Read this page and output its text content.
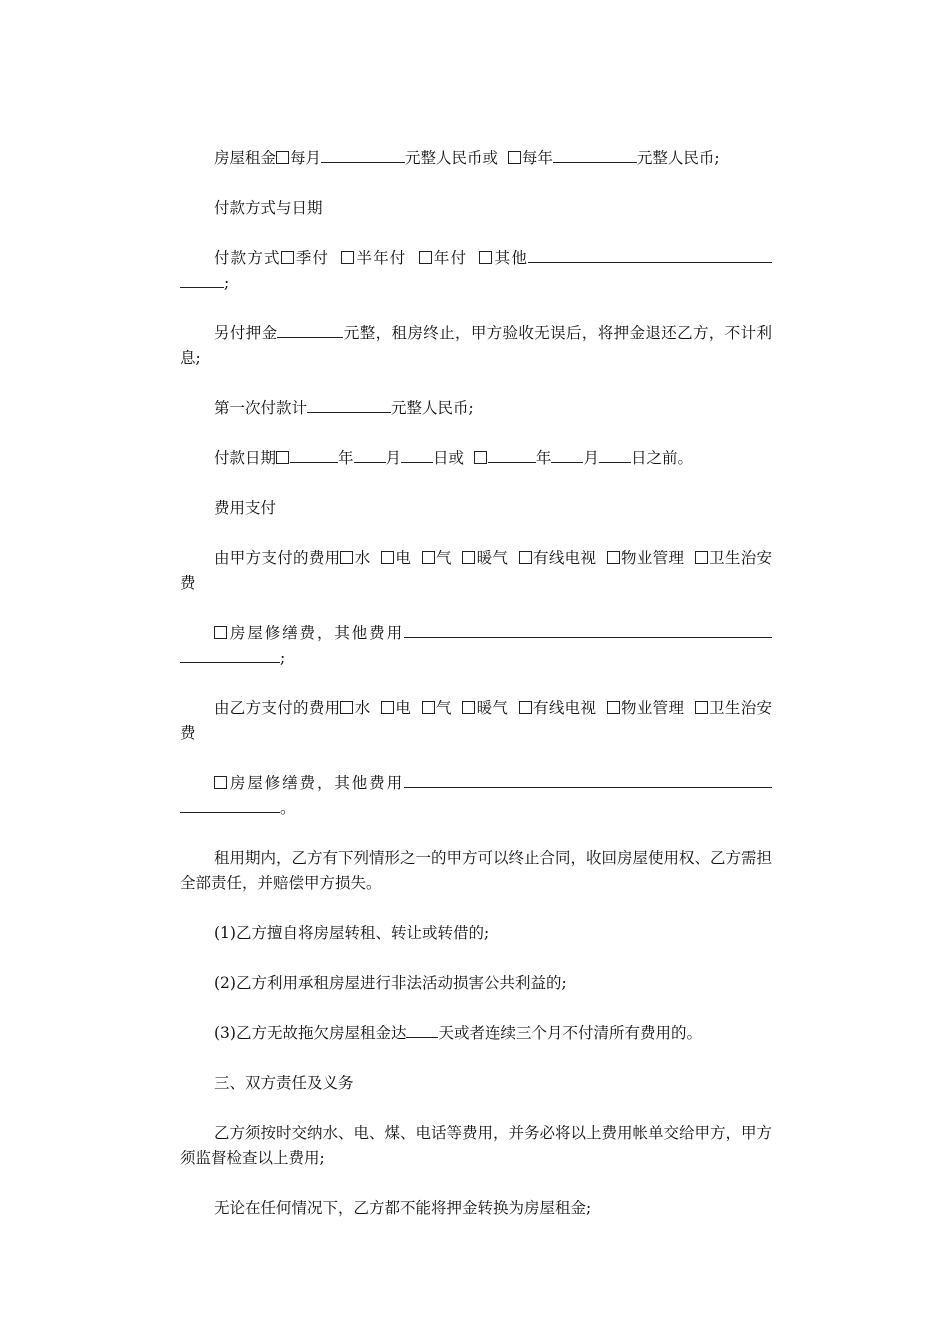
房屋租金 每月	元整人民币或 每年	元整人民币;

付款方式与日期

付款方式 季付 半年付 年付 其他;

另付押金	元整，租房终止，甲方验收无误后，将押金退还乙方，不计利息;

第一次付款计	元整人民币;

付款日期	年 月 日或	年 月 日之前。

费用支付

由甲方支付的费用 水 电 气 暖气 有线电视 物业管理 卫生治安费

房屋修缮费，其他费用;

由乙方支付的费用 水 电 气 暖气 有线电视 物业管理 卫生治安费

房屋修缮费，其他费用。

租用期内，乙方有下列情形之一的甲方可以终止合同，收回房屋使用权、乙方需担全部责任，并赔偿甲方损失。

(1)乙方擅自将房屋转租、转让或转借的;

(2)乙方利用承租房屋进行非法活动损害公共利益的;

(3)乙方无故拖欠房屋租金达 天或者连续三个月不付清所有费用的。

三、双方责任及义务

乙方须按时交纳水、电、煤、电话等费用，并务必将以上费用帐单交给甲方，甲方须监督检查以上费用;

无论在任何情况下，乙方都不能将押金转换为房屋租金;
